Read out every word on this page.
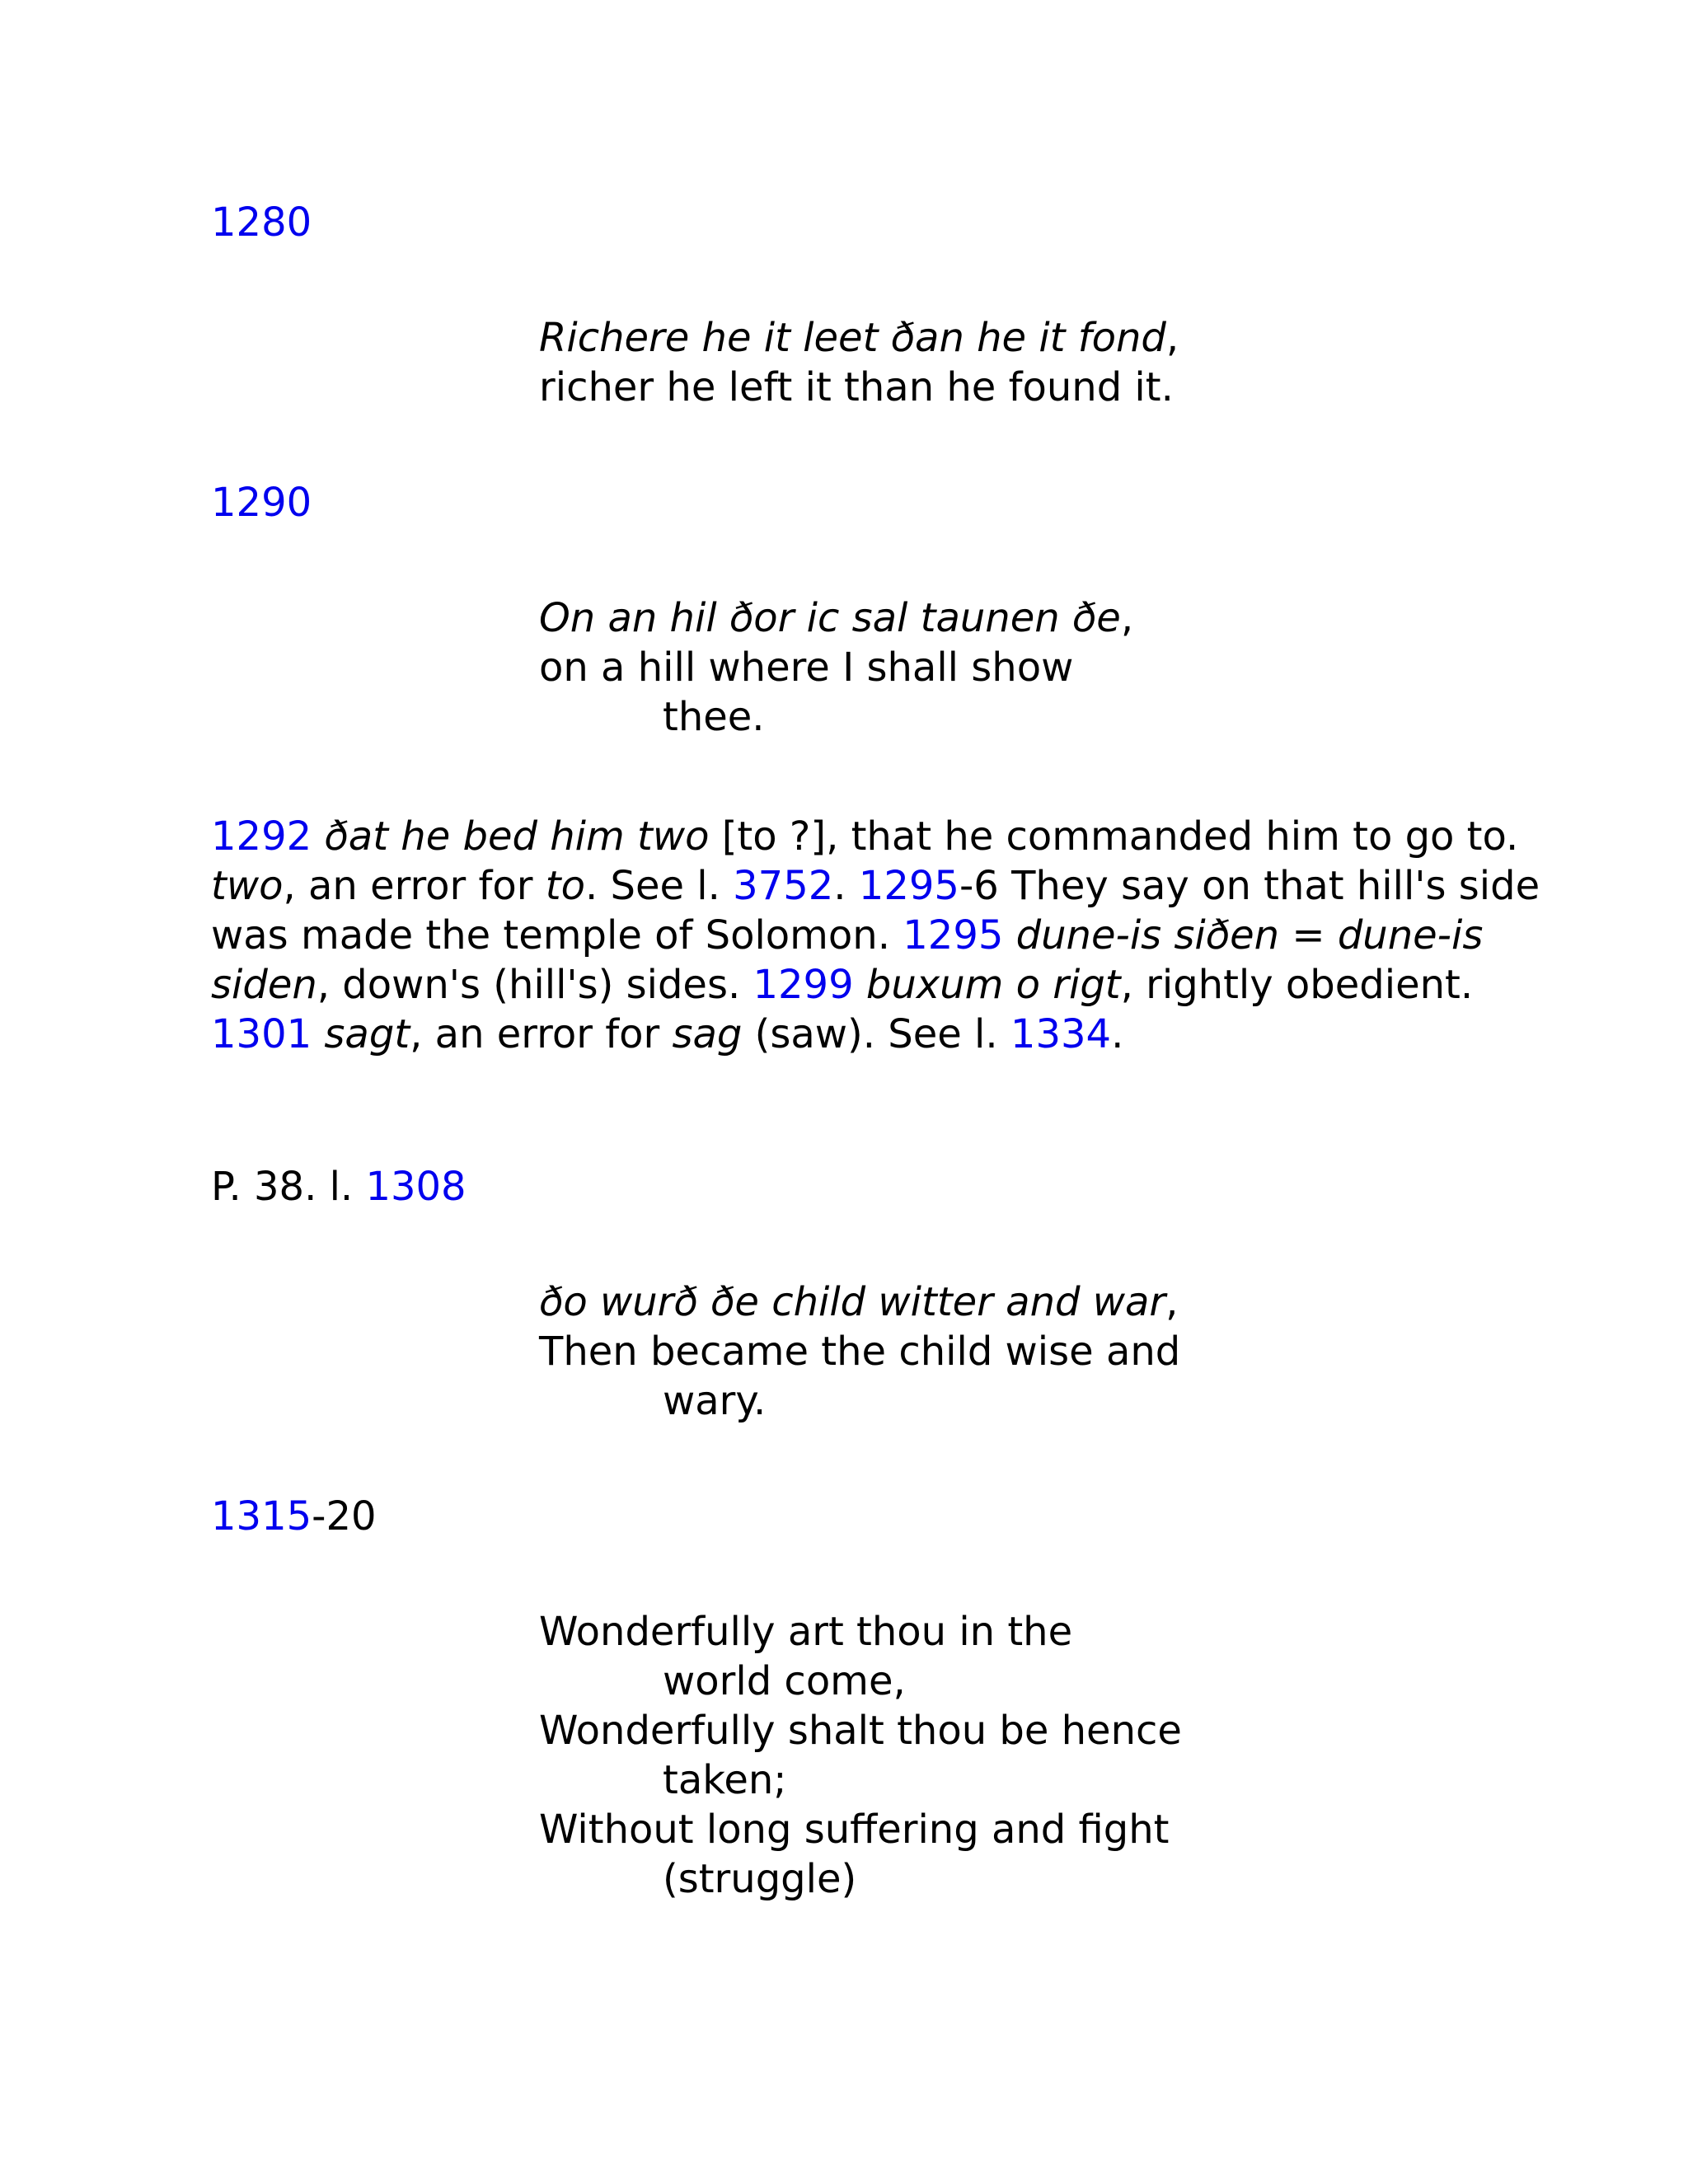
1280
Richere he it leet ðan he it fond,
richer he left it than he found it.
1290
On an hil ðor ic sal taunen ðe,
on a hill where I shall show
thee.
1292 ðat he bed him two [to ?], that he commanded him to go to.
two, an error for to. See l. 3752. 1295-6 They say on that hill's side
was made the temple of Solomon. 1295 dune-is siðen = dune-is
siden, down's (hill's) sides. 1299 buxum o rigt, rightly obedient.
1301 sagt, an error for sag (saw). See l. 1334.
P. 38. l. 1308
ðo wurð ðe child witter and war,
Then became the child wise and
wary.
1315-20
Wonderfully art thou in the
world come,
Wonderfully shalt thou be hence
taken;
Without long suffering and fight
(struggle)
